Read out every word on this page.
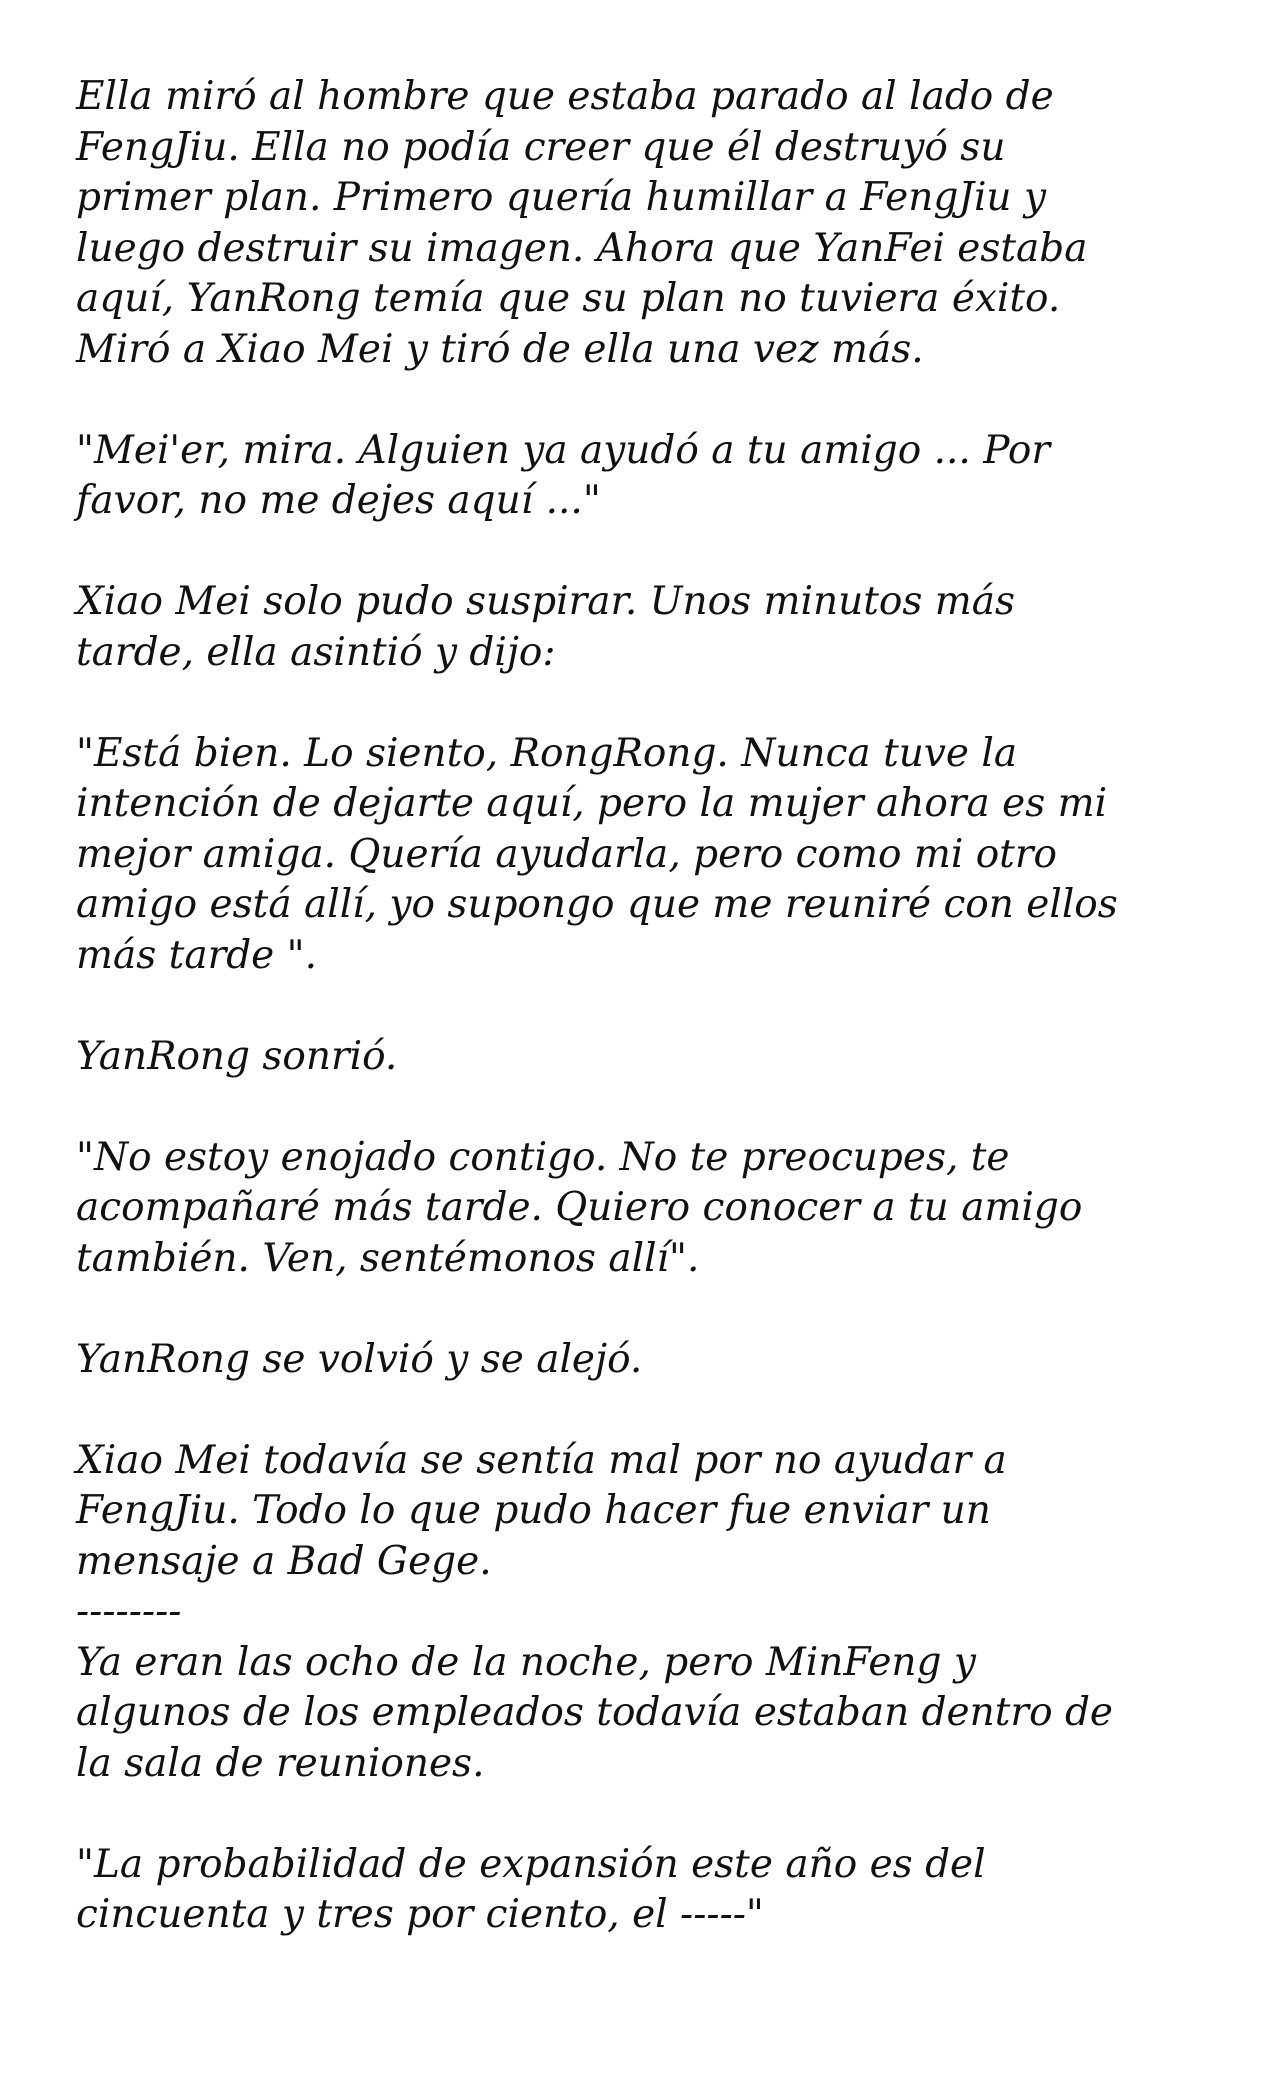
Ella miró al hombre que estaba parado al lado de
FengJiu. Ella no podía creer que él destruyó su
primer plan. Primero quería humillar a FengJiu y
luego destruir su imagen. Ahora que YanFei estaba
aquí, YanRong temía que su plan no tuviera éxito.
Miró a Xiao Mei y tiró de ella una vez más.

"Mei'er, mira. Alguien ya ayudó a tu amigo ... Por
favor, no me dejes aquí ..."

Xiao Mei solo pudo suspirar. Unos minutos más
tarde, ella asintió y dijo:

"Está bien. Lo siento, RongRong. Nunca tuve la
intención de dejarte aquí, pero la mujer ahora es mi
mejor amiga. Quería ayudarla, pero como mi otro
amigo está allí, yo supongo que me reuniré con ellos
más tarde ".

YanRong sonrió.

"No estoy enojado contigo. No te preocupes, te
acompañaré más tarde. Quiero conocer a tu amigo
también. Ven, sentémonos allí".

YanRong se volvió y se alejó.

Xiao Mei todavía se sentía mal por no ayudar a
FengJiu. Todo lo que pudo hacer fue enviar un
mensaje a Bad Gege.

--------

Ya eran las ocho de la noche, pero MinFeng y
algunos de los empleados todavía estaban dentro de
la sala de reuniones.

"La probabilidad de expansión este año es del
cincuenta y tres por ciento, el -----"
